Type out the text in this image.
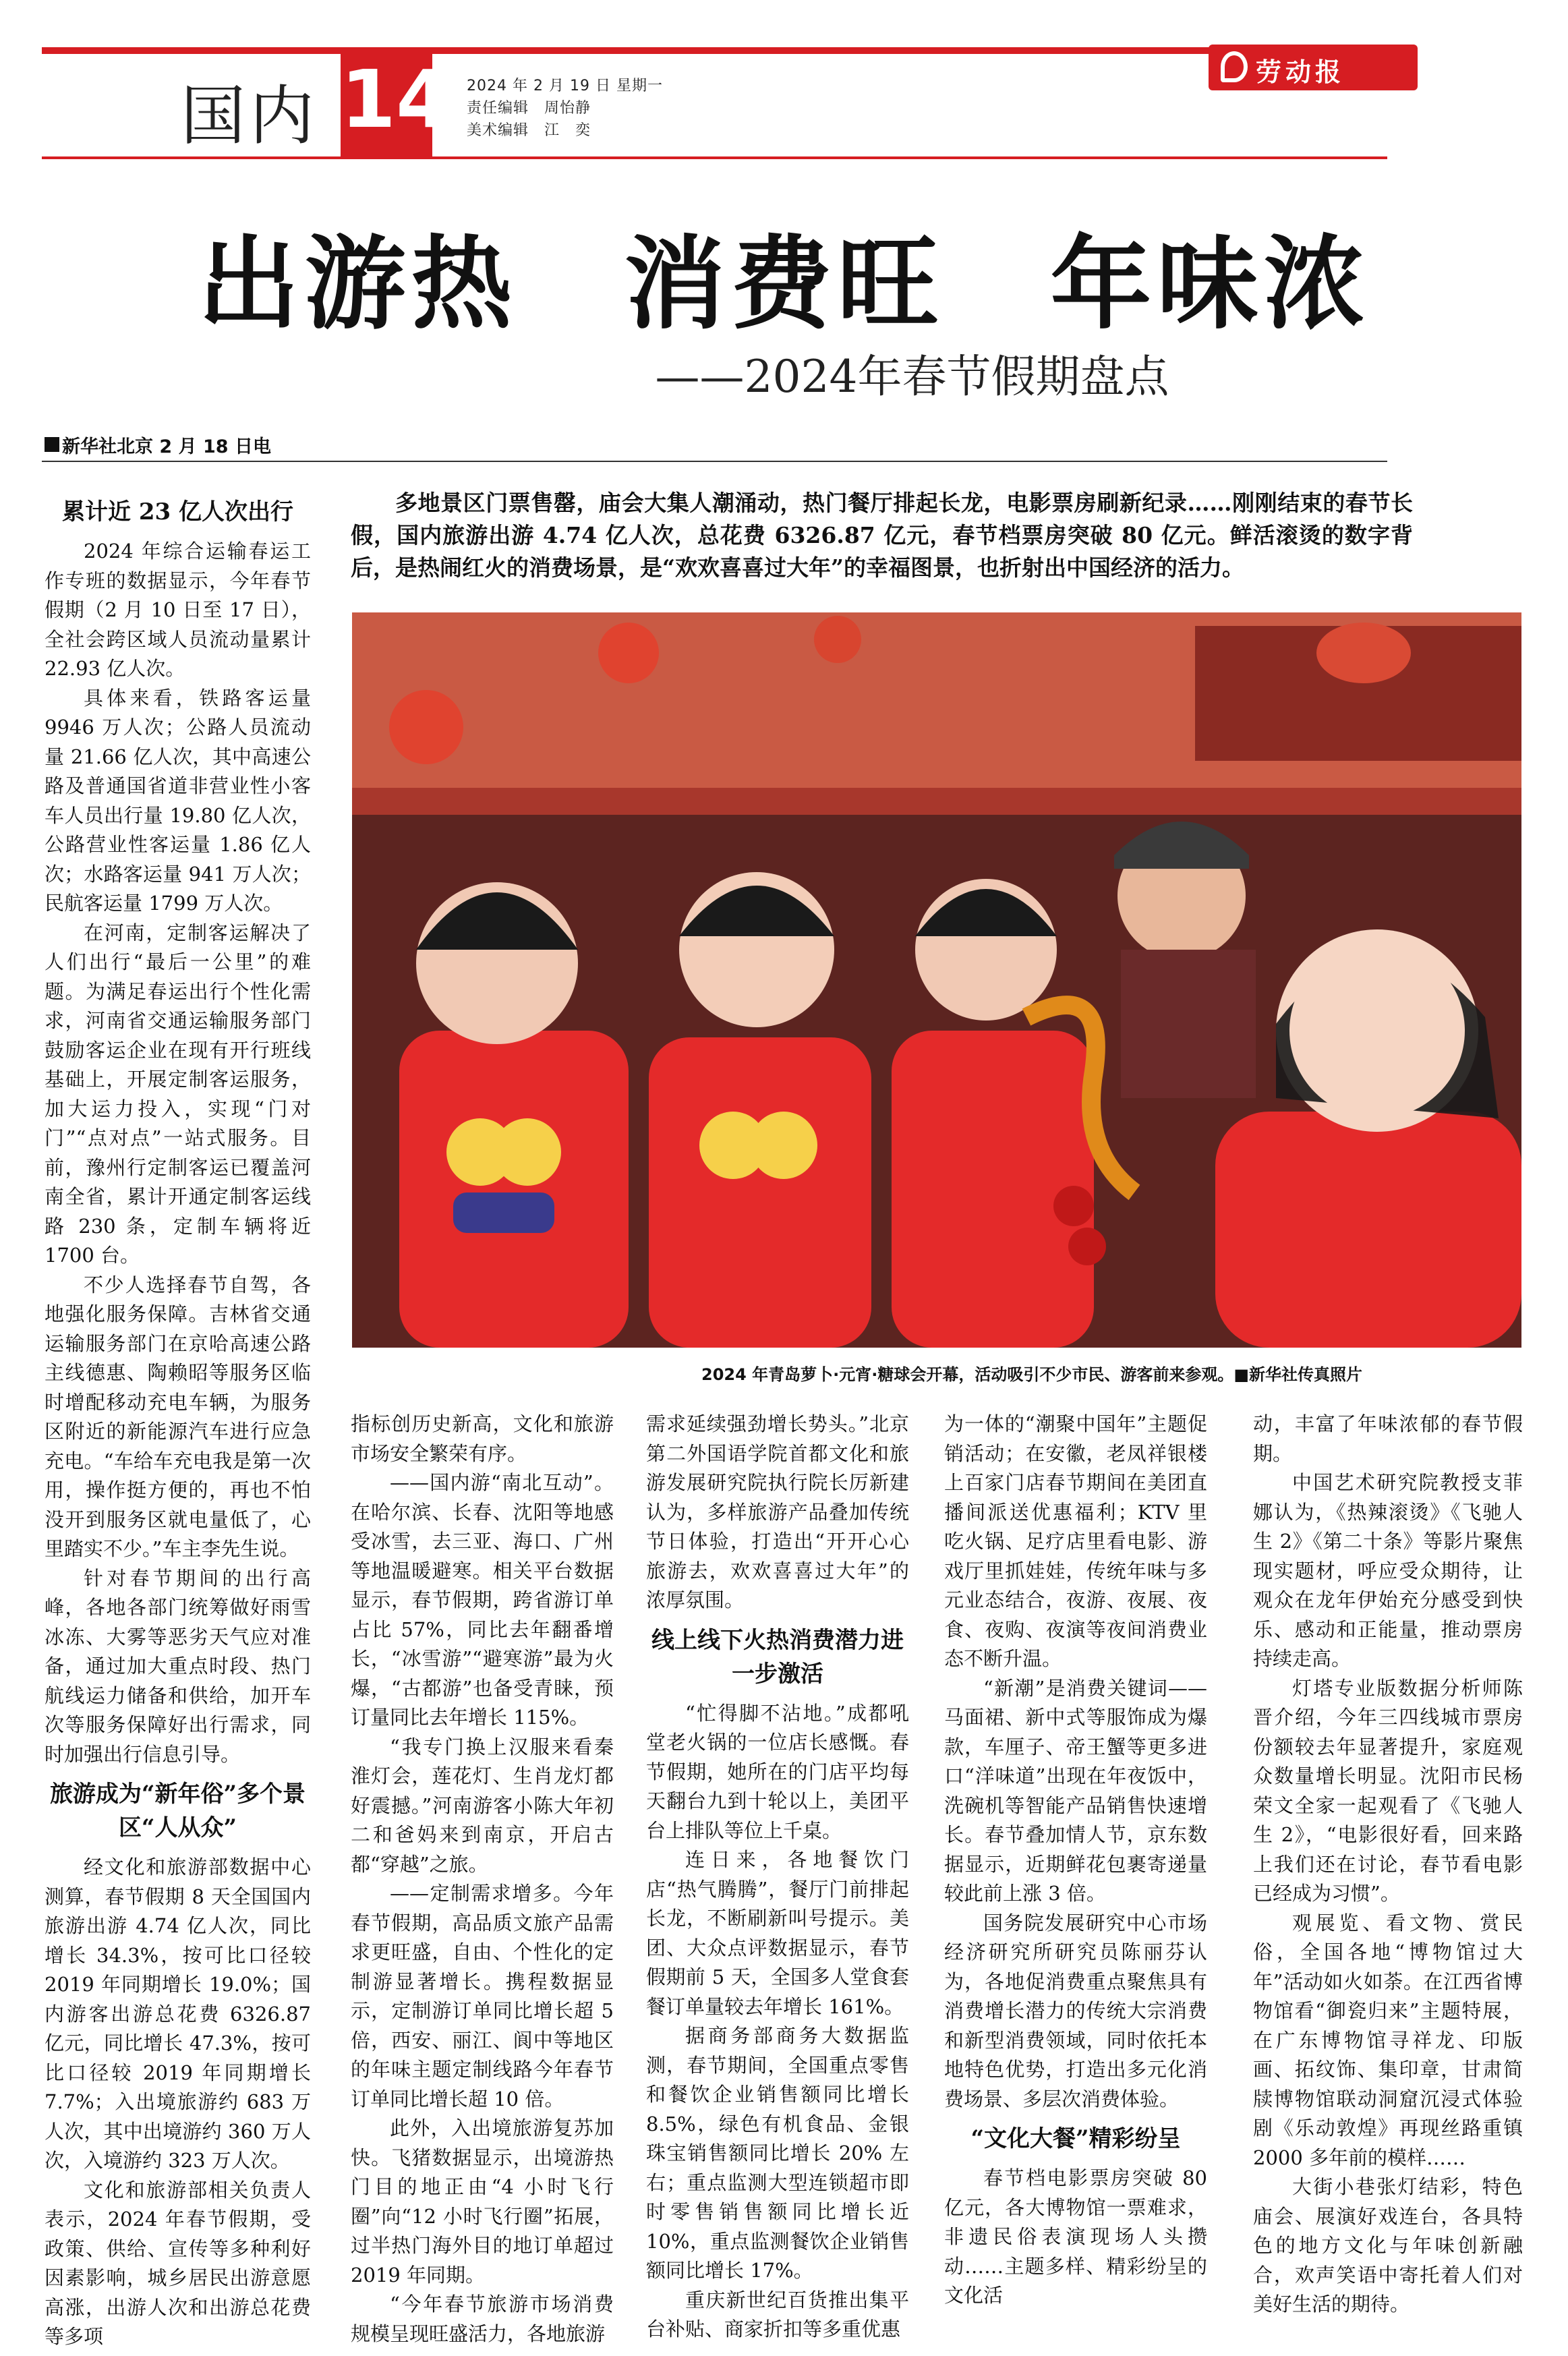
国内 14 2024 年 2 月 19 日 星期一
责任编辑　周怡静
美术编辑　江　奕
劳动报
出游热　消费旺　年味浓
——2024年春节假期盘点
新华社北京 2 月 18 日电
多地景区门票售罄，庙会大集人潮涌动，热门餐厅排起长龙，电影票房刷新纪录……刚刚结束的春节长假，国内旅游出游 4.74 亿人次，总花费 6326.87 亿元，春节档票房突破 80 亿元。鲜活滚烫的数字背后，是热闹红火的消费场景，是“欢欢喜喜过大年”的幸福图景，也折射出中国经济的活力。
2024 年青岛萝卜·元宵·糖球会开幕，活动吸引不少市民、游客前来参观。■新华社传真照片
累计近 23 亿人次出行

2024 年综合运输春运工作专班的数据显示，今年春节假期（2 月 10 日至 17 日），全社会跨区域人员流动量累计 22.93 亿人次。

具体来看，铁路客运量 9946 万人次；公路人员流动量 21.66 亿人次，其中高速公路及普通国省道非营业性小客车人员出行量 19.80 亿人次，公路营业性客运量 1.86 亿人次；水路客运量 941 万人次；民航客运量 1799 万人次。

在河南，定制客运解决了人们出行“最后一公里”的难题。为满足春运出行个性化需求，河南省交通运输服务部门鼓励客运企业在现有开行班线基础上，开展定制客运服务，加大运力投入，实现“门对门”“点对点”一站式服务。目前，豫州行定制客运已覆盖河南全省，累计开通定制客运线路 230 条，定制车辆将近 1700 台。

不少人选择春节自驾，各地强化服务保障。吉林省交通运输服务部门在京哈高速公路主线德惠、陶赖昭等服务区临时增配移动充电车辆，为服务区附近的新能源汽车进行应急充电。“车给车充电我是第一次用，操作挺方便的，再也不怕没开到服务区就电量低了，心里踏实不少。”车主李先生说。

针对春节期间的出行高峰，各地各部门统筹做好雨雪冰冻、大雾等恶劣天气应对准备，通过加大重点时段、热门航线运力储备和供给，加开车次等服务保障好出行需求，同时加强出行信息引导。

旅游成为“新年俗”多个景区“人从众”

经文化和旅游部数据中心测算，春节假期 8 天全国国内旅游出游 4.74 亿人次，同比增长 34.3%，按可比口径较 2019 年同期增长 19.0%；国内游客出游总花费 6326.87 亿元，同比增长 47.3%，按可比口径较 2019 年同期增长 7.7%；入出境旅游约 683 万人次，其中出境游约 360 万人次，入境游约 323 万人次。

文化和旅游部相关负责人表示，2024 年春节假期，受政策、供给、宣传等多种利好因素影响，城乡居民出游意愿高涨，出游人次和出游总花费等多项

指标创历史新高，文化和旅游市场安全繁荣有序。

——国内游“南北互动”。在哈尔滨、长春、沈阳等地感受冰雪，去三亚、海口、广州等地温暖避寒。相关平台数据显示，春节假期，跨省游订单占比 57%，同比去年翻番增长，“冰雪游”“避寒游”最为火爆，“古都游”也备受青睐，预订量同比去年增长 115%。

“我专门换上汉服来看秦淮灯会，莲花灯、生肖龙灯都好震撼。”河南游客小陈大年初二和爸妈来到南京，开启古都“穿越”之旅。

——定制需求增多。今年春节假期，高品质文旅产品需求更旺盛，自由、个性化的定制游显著增长。携程数据显示，定制游订单同比增长超 5 倍，西安、丽江、阆中等地区的年味主题定制线路今年春节订单同比增长超 10 倍。

此外，入出境旅游复苏加快。飞猪数据显示，出境游热门目的地正由“4 小时飞行圈”向“12 小时飞行圈”拓展，过半热门海外目的地订单超过 2019 年同期。

“今年春节旅游市场消费规模呈现旺盛活力，各地旅游

需求延续强劲增长势头。”北京第二外国语学院首都文化和旅游发展研究院执行院长厉新建认为，多样旅游产品叠加传统节日体验，打造出“开开心心旅游去，欢欢喜喜过大年”的浓厚氛围。

线上线下火热消费潜力进一步激活

“忙得脚不沾地。”成都吼堂老火锅的一位店长感慨。春节假期，她所在的门店平均每天翻台九到十轮以上，美团平台上排队等位上千桌。

连日来，各地餐饮门店“热气腾腾”，餐厅门前排起长龙，不断刷新叫号提示。美团、大众点评数据显示，春节假期前 5 天，全国多人堂食套餐订单量较去年增长 161%。

据商务部商务大数据监测，春节期间，全国重点零售和餐饮企业销售额同比增长 8.5%，绿色有机食品、金银珠宝销售额同比增长 20% 左右；重点监测大型连锁超市即时零售销售额同比增长近 10%，重点监测餐饮企业销售额同比增长 17%。

重庆新世纪百货推出集平台补贴、商家折扣等多重优惠

为一体的“潮聚中国年”主题促销活动；在安徽，老凤祥银楼上百家门店春节期间在美团直播间派送优惠福利；KTV 里吃火锅、足疗店里看电影、游戏厅里抓娃娃，传统年味与多元业态结合，夜游、夜展、夜食、夜购、夜演等夜间消费业态不断升温。

“新潮”是消费关键词——马面裙、新中式等服饰成为爆款，车厘子、帝王蟹等更多进口“洋味道”出现在年夜饭中，洗碗机等智能产品销售快速增长。春节叠加情人节，京东数据显示，近期鲜花包裹寄递量较此前上涨 3 倍。

国务院发展研究中心市场经济研究所研究员陈丽芬认为，各地促消费重点聚焦具有消费增长潜力的传统大宗消费和新型消费领域，同时依托本地特色优势，打造出多元化消费场景、多层次消费体验。

“文化大餐”精彩纷呈

春节档电影票房突破 80 亿元，各大博物馆一票难求，非遗民俗表演现场人头攒动……主题多样、精彩纷呈的文化活

动，丰富了年味浓郁的春节假期。

中国艺术研究院教授支菲娜认为，《热辣滚烫》《飞驰人生 2》《第二十条》等影片聚焦现实题材，呼应受众期待，让观众在龙年伊始充分感受到快乐、感动和正能量，推动票房持续走高。

灯塔专业版数据分析师陈晋介绍，今年三四线城市票房份额较去年显著提升，家庭观众数量增长明显。沈阳市民杨荣文全家一起观看了《飞驰人生 2》，“电影很好看，回来路上我们还在讨论，春节看电影已经成为习惯”。

观展览、看文物、赏民俗，全国各地“博物馆过大年”活动如火如荼。在江西省博物馆看“御瓷归来”主题特展，在广东博物馆寻祥龙、印版画、拓纹饰、集印章，甘肃简牍博物馆联动洞窟沉浸式体验剧《乐动敦煌》再现丝路重镇 2000 多年前的模样……

大街小巷张灯结彩，特色庙会、展演好戏连台，各具特色的地方文化与年味创新融合，欢声笑语中寄托着人们对美好生活的期待。
